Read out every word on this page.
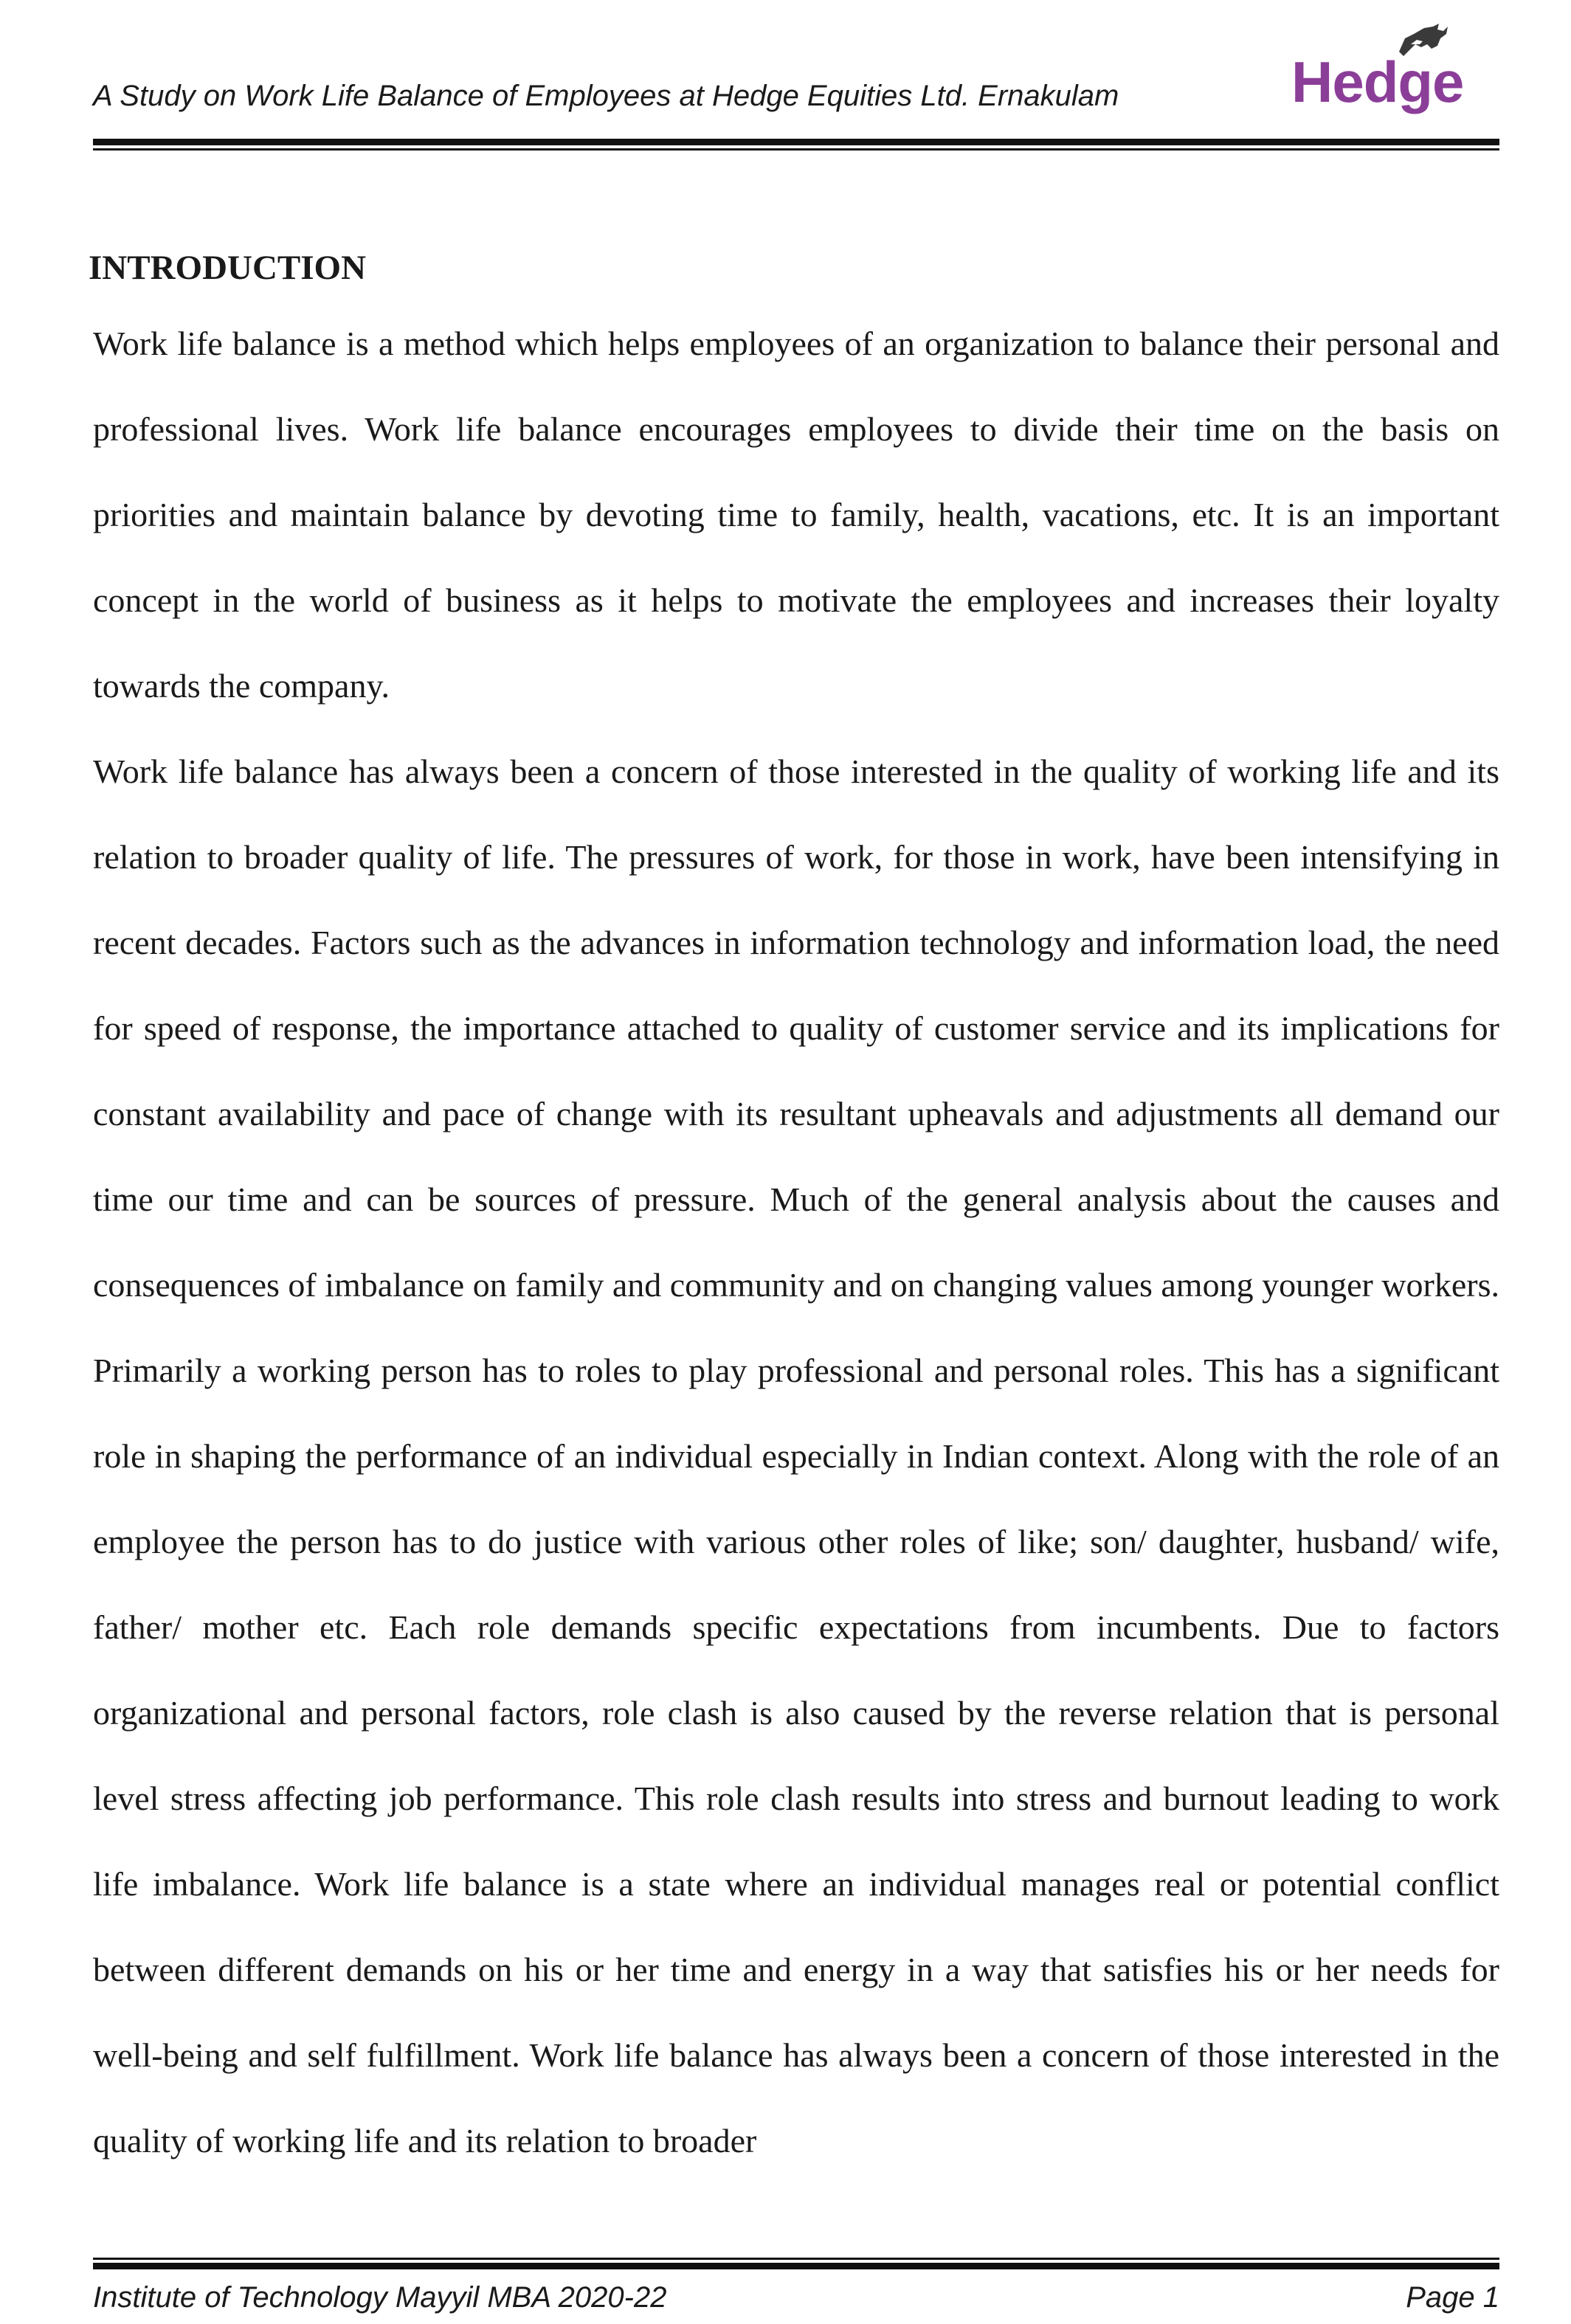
A Study on Work Life Balance of Employees at Hedge Equities Ltd. Ernakulam	Hedge
INTRODUCTION

Work life balance is a method which helps employees of an organization to balance their personal and professional lives. Work life balance encourages employees to divide their time on the basis on priorities and maintain balance by devoting time to family, health, vacations, etc. It is an important concept in the world of business as it helps to motivate the employees and increases their loyalty towards the company.

Work life balance has always been a concern of those interested in the quality of working life and its relation to broader quality of life. The pressures of work, for those in work, have been intensifying in recent decades. Factors such as the advances in information technology and information load, the need for speed of response, the importance attached to quality of customer service and its implications for constant availability and pace of change with its resultant upheavals and adjustments all demand our time our time and can be sources of pressure. Much of the general analysis about the causes and consequences of imbalance on family and community and on changing values among younger workers. Primarily a working person has to roles to play professional and personal roles. This has a significant role in shaping the performance of an individual especially in Indian context. Along with the role of an employee the person has to do justice with various other roles of like; son/ daughter, husband/ wife, father/ mother etc. Each role demands specific expectations from incumbents. Due to factors organizational and personal factors, role clash is also caused by the reverse relation that is personal level stress affecting job performance. This role clash results into stress and burnout leading to work life imbalance. Work life balance is a state where an individual manages real or potential conflict between different demands on his or her time and energy in a way that satisfies his or her needs for well-being and self fulfillment. Work life balance has always been a concern of those interested in the quality of working life and its relation to broader

Institute of Technology Mayyil MBA 2020-22	Page 1
